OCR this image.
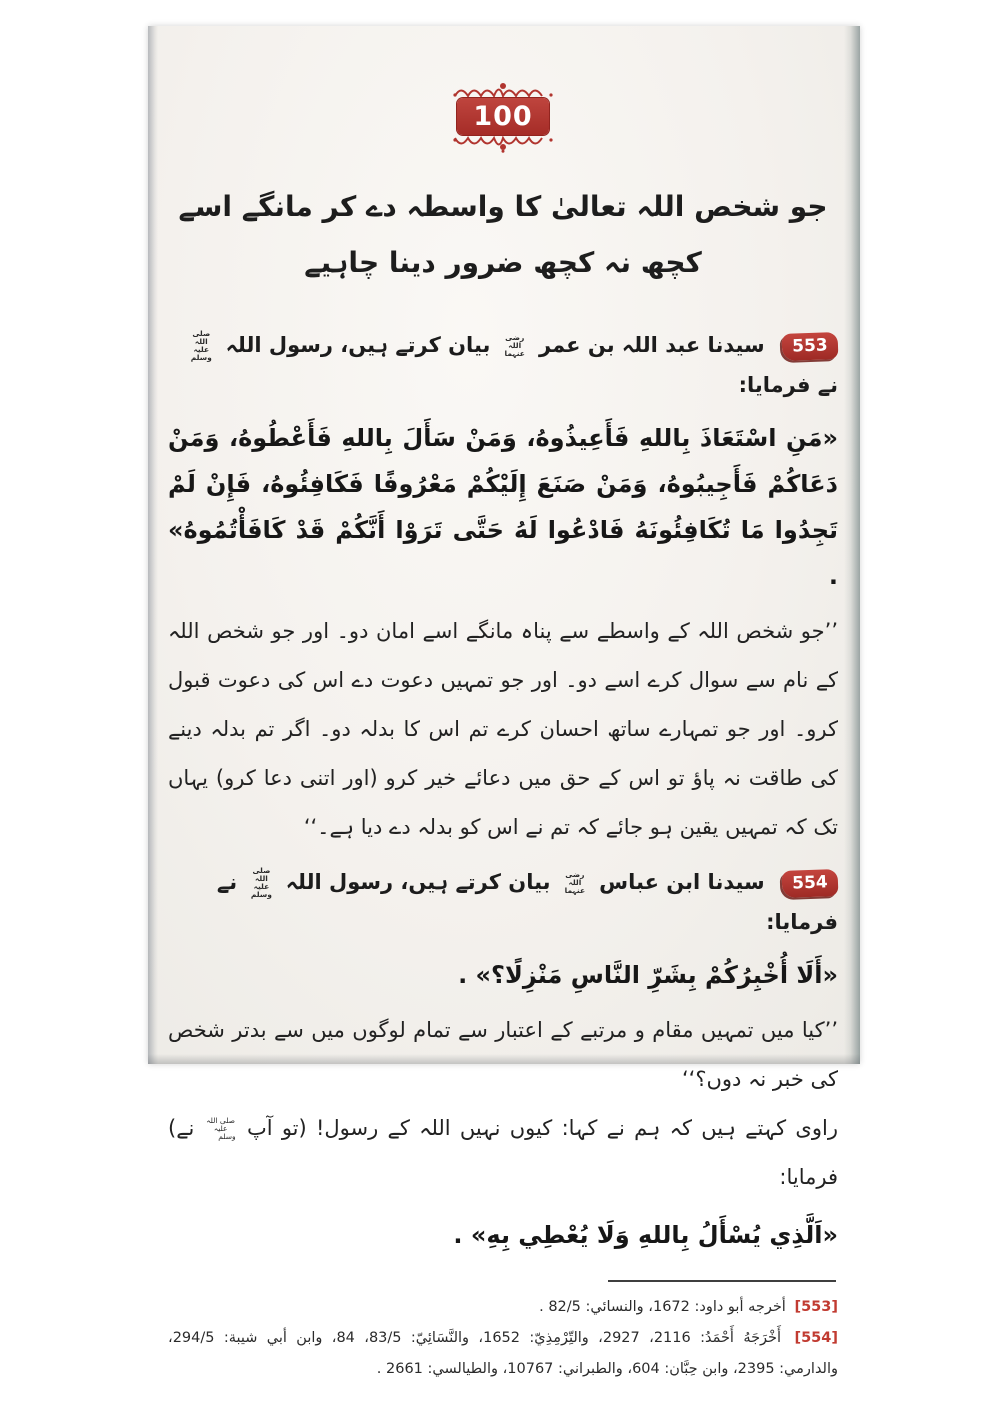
100
جو شخص اللہ تعالیٰ کا واسطہ دے کر مانگے اسے
کچھ نہ کچھ ضرور دینا چاہیے

553 سیدنا عبد اللہ بن عمر رضی اللہ عنہما بیان کرتے ہیں، رسول اللہ صلی اللہ علیہ وسلم نے فرمایا:

«مَنِ اسْتَعَاذَ بِاللهِ فَأَعِيذُوهُ، وَمَنْ سَأَلَ بِاللهِ فَأَعْطُوهُ، وَمَنْ دَعَاكُمْ فَأَجِيبُوهُ، وَمَنْ صَنَعَ إِلَيْكُمْ مَعْرُوفًا فَكَافِئُوهُ، فَإِنْ لَمْ تَجِدُوا مَا تُكَافِئُونَهُ فَادْعُوا لَهُ حَتَّى تَرَوْا أَنَّكُمْ قَدْ كَافَأْتُمُوهُ» .

’’جو شخص اللہ کے واسطے سے پناہ مانگے اسے امان دو۔ اور جو شخص اللہ کے نام سے سوال کرے اسے دو۔ اور جو تمہیں دعوت دے اس کی دعوت قبول کرو۔ اور جو تمہارے ساتھ احسان کرے تم اس کا بدلہ دو۔ اگر تم بدلہ دینے کی طاقت نہ پاؤ تو اس کے حق میں دعائے خیر کرو (اور اتنی دعا کرو) یہاں تک کہ تمہیں یقین ہو جائے کہ تم نے اس کو بدلہ دے دیا ہے۔‘‘

554 سیدنا ابن عباس رضی اللہ عنہما بیان کرتے ہیں، رسول اللہ صلی اللہ علیہ وسلم نے فرمایا:

«أَلَا أُخْبِرُكُمْ بِشَرِّ النَّاسِ مَنْزِلًا؟» .

’’کیا میں تمہیں مقام و مرتبے کے اعتبار سے تمام لوگوں میں سے بدتر شخص کی خبر نہ دوں؟‘‘

راوی کہتے ہیں کہ ہم نے کہا: کیوں نہیں اللہ کے رسول! (تو آپ صلی اللہ علیہ وسلم نے) فرمایا:

«اَلَّذِي يُسْأَلُ بِاللهِ وَلَا يُعْطِي بِهِ» .

[553] أخرجه أبو داود: 1672، والنسائي: 82/5 .

[554] أَخْرَجَهُ أَحْمَدُ: 2116، 2927، والتِّرْمِذِيّ: 1652، والنَّسَائِيّ: 83/5، 84، وابن أبي شيبة: 294/5، والدارمي: 2395، وابن حِبَّان: 604، والطبراني: 10767، والطيالسي: 2661 .
